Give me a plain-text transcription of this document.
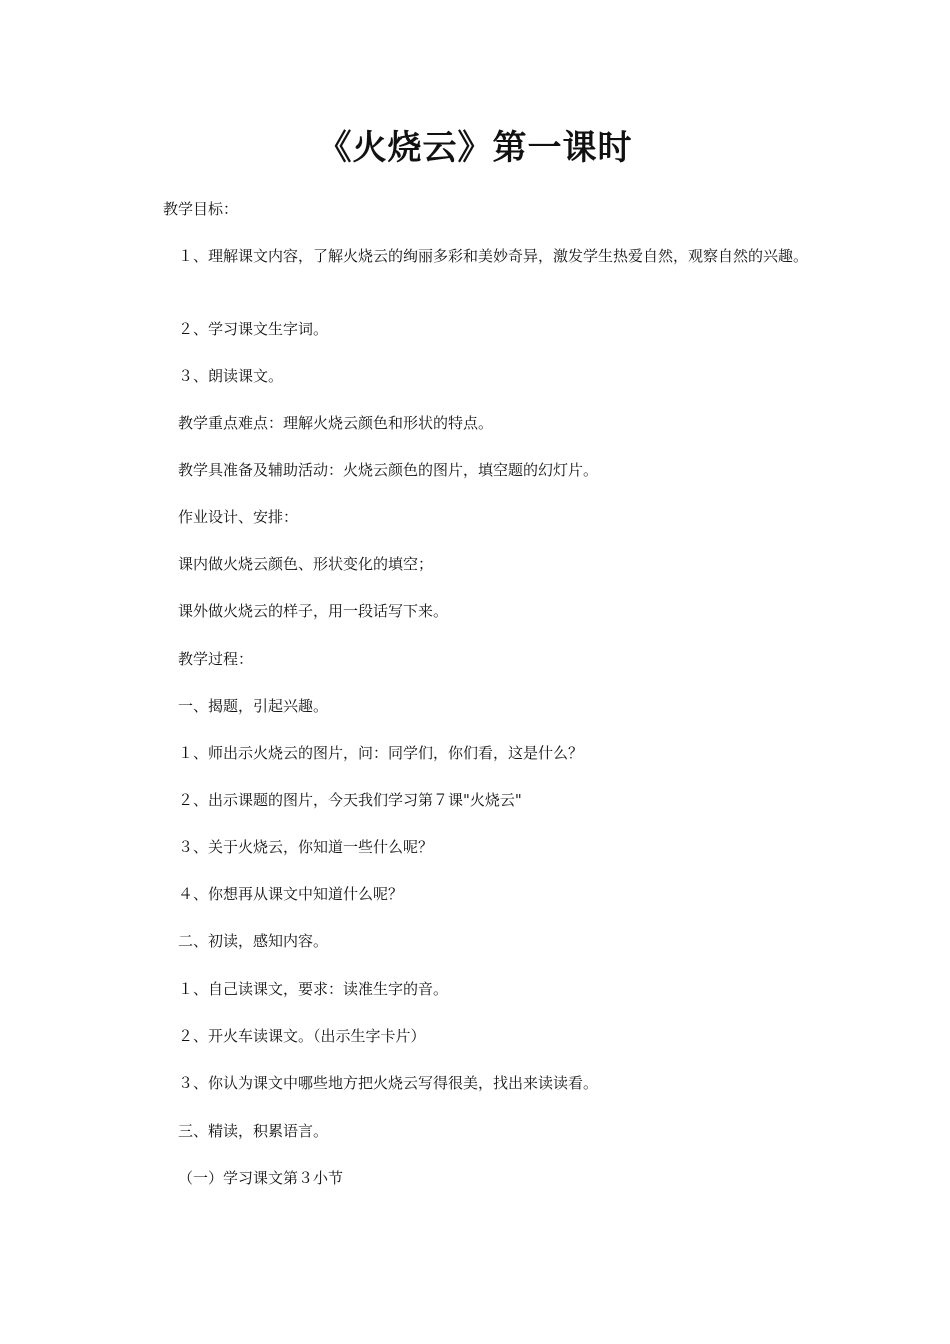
《火烧云》第一课时
教学目标：
１、理解课文内容，了解火烧云的绚丽多彩和美妙奇异，激发学生热爱自然，观察自然的兴趣。
２、学习课文生字词。
３、朗读课文。
教学重点难点：理解火烧云颜色和形状的特点。
教学具准备及辅助活动：火烧云颜色的图片，填空题的幻灯片。
作业设计、安排：
课内做火烧云颜色、形状变化的填空；
课外做火烧云的样子，用一段话写下来。
教学过程：
一、揭题，引起兴趣。
１、师出示火烧云的图片，问：同学们，你们看，这是什么？
２、出示课题的图片，今天我们学习第７课"火烧云"
３、关于火烧云，你知道一些什么呢？
４、你想再从课文中知道什么呢？
二、初读，感知内容。
１、自己读课文，要求：读准生字的音。
２、开火车读课文。（出示生字卡片）
３、你认为课文中哪些地方把火烧云写得很美，找出来读读看。
三、精读，积累语言。
（一）学习课文第３小节
